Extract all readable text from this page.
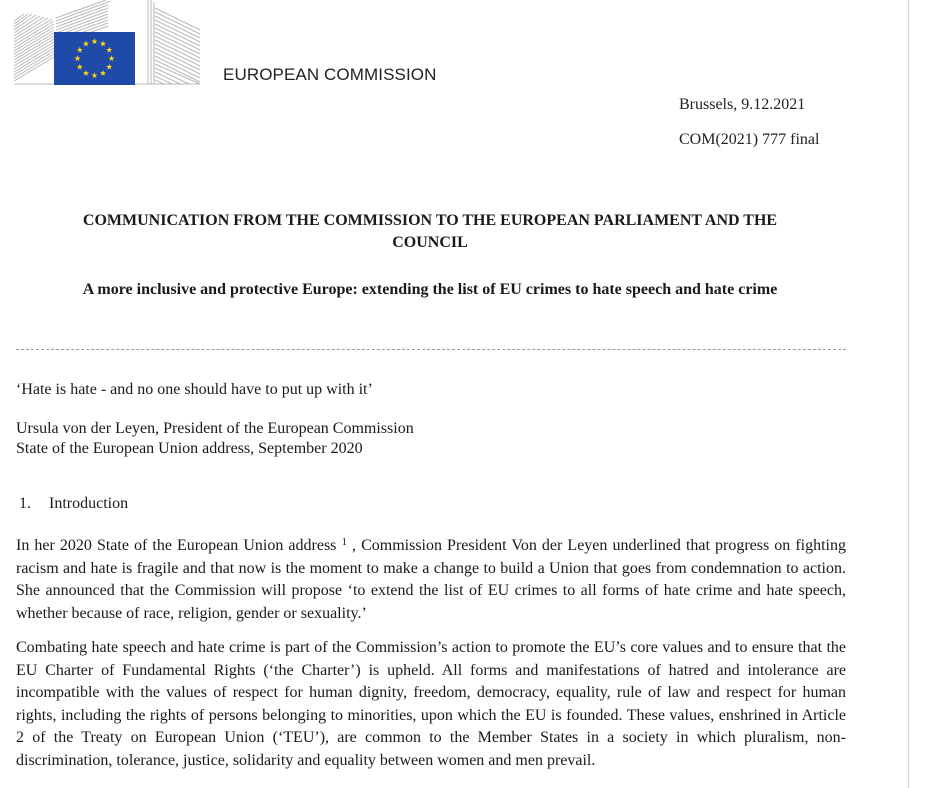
EUROPEAN COMMISSION
Brussels, 9.12.2021
COM(2021) 777 final
COMMUNICATION FROM THE COMMISSION TO THE EUROPEAN PARLIAMENT AND THE
COUNCIL
A more inclusive and protective Europe: extending the list of EU crimes to hate speech and hate crime
‘Hate is hate - and no one should have to put up with it’
Ursula von der Leyen, President of the European Commission
State of the European Union address, September 2020
1. Introduction
In her 2020 State of the European Union address $^1$ , Commission President Von der Leyen underlined that progress on fighting racism and hate is fragile and that now is the moment to make a change to build a Union that goes from condemnation to action. She announced that the Commission will propose ‘to extend the list of EU crimes to all forms of hate crime and hate speech, whether because of race, religion, gender or sexuality.’
Combating hate speech and hate crime is part of the Commission’s action to promote the EU’s core values and to ensure that the EU Charter of Fundamental Rights (‘the Charter’) is upheld. All forms and manifestations of hatred and intolerance are incompatible with the values of respect for human dignity, freedom, democracy, equality, rule of law and respect for human rights, including the rights of persons belonging to minorities, upon which the EU is founded. These values, enshrined in Article 2 of the Treaty on European Union (‘TEU’), are common to the Member States in a society in which pluralism, non-discrimination, tolerance, justice, solidarity and equality between women and men prevail.
